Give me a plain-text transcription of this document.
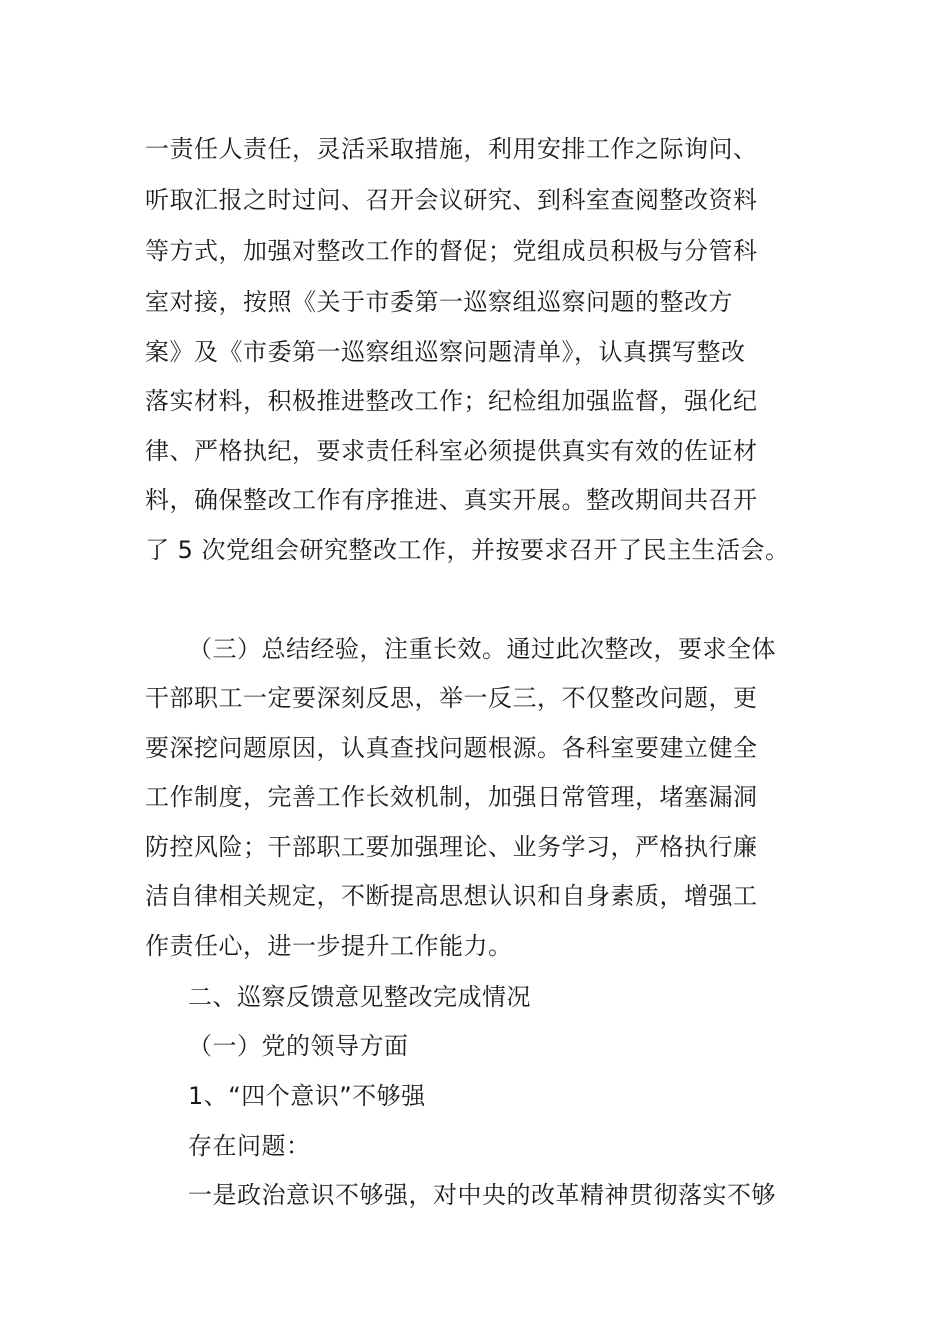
一责任人责任，灵活采取措施，利用安排工作之际询问、
听取汇报之时过问、召开会议研究、到科室查阅整改资料
等方式，加强对整改工作的督促；党组成员积极与分管科
室对接，按照《关于市委第一巡察组巡察问题的整改方
案》及《市委第一巡察组巡察问题清单》，认真撰写整改
落实材料，积极推进整改工作；纪检组加强监督，强化纪
律、严格执纪，要求责任科室必须提供真实有效的佐证材
料，确保整改工作有序推进、真实开展。整改期间共召开
了 5 次党组会研究整改工作，并按要求召开了民主生活会。
（三）总结经验，注重长效。通过此次整改，要求全体
干部职工一定要深刻反思，举一反三，不仅整改问题，更
要深挖问题原因，认真查找问题根源。各科室要建立健全
工作制度，完善工作长效机制，加强日常管理，堵塞漏洞
防控风险；干部职工要加强理论、业务学习，严格执行廉
洁自律相关规定，不断提高思想认识和自身素质，增强工
作责任心，进一步提升工作能力。
二、巡察反馈意见整改完成情况
（一）党的领导方面
1、“四个意识”不够强
存在问题：
一是政治意识不够强，对中央的改革精神贯彻落实不够
